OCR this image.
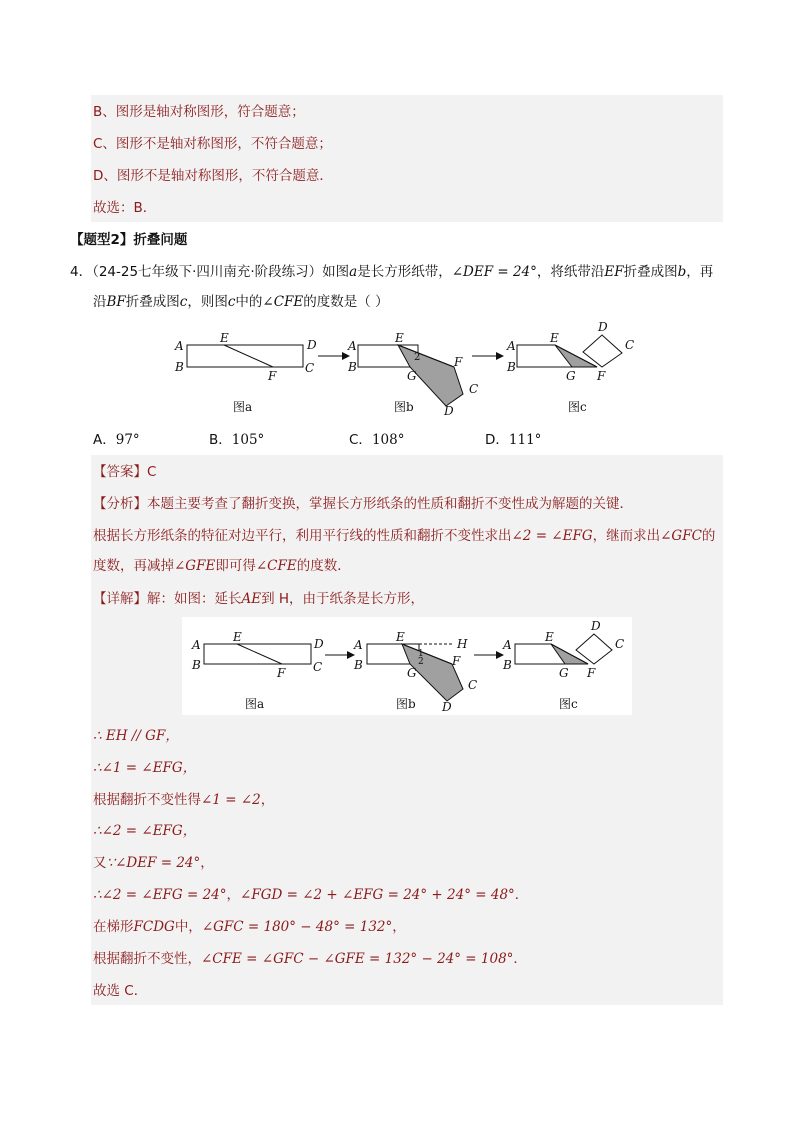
B、图形是轴对称图形，符合题意；
C、图形不是轴对称图形，不符合题意；
D、图形不是轴对称图形，不符合题意．
故选：B．
【题型2】折叠问题
4．（24-25七年级下·四川南充·阶段练习）如图a是长方形纸带，∠DEF = 24°，将纸带沿EF折叠成图b，再
沿BF折叠成图c，则图c中的∠CFE的度数是（ ）
A
B
E	D
C
F
图a
A
B
E
F
G
C
D
2
图b
A
B
E
G F
D
C
图c
A．97°	B．105°	C．108°	D．111°
【答案】C
【分析】本题主要考查了翻折变换，掌握长方形纸条的性质和翻折不变性成为解题的关键．
根据长方形纸条的特征对边平行，利用平行线的性质和翻折不变性求出∠2 = ∠EFG，继而求出∠GFC的
度数，再减掉∠GFE即可得∠CFE的度数．
【详解】解：如图：延长AE到 H，由于纸条是长方形，
A
B
E	D
C
F
图a
A
B
E	H
F
G
C
D
1
2
图b
A
B
E
G F
D
C
图c
∴ EH // GF，
∴∠1 = ∠EFG，
根据翻折不变性得∠1 = ∠2，
∴∠2 = ∠EFG，
又∵∠DEF = 24°，
∴∠2 = ∠EFG = 24°，∠FGD = ∠2 + ∠EFG = 24° + 24° = 48°．
在梯形FCDG中，∠GFC = 180° − 48° = 132°，
根据翻折不变性，∠CFE = ∠GFC − ∠GFE = 132° − 24° = 108°．
故选 C．
